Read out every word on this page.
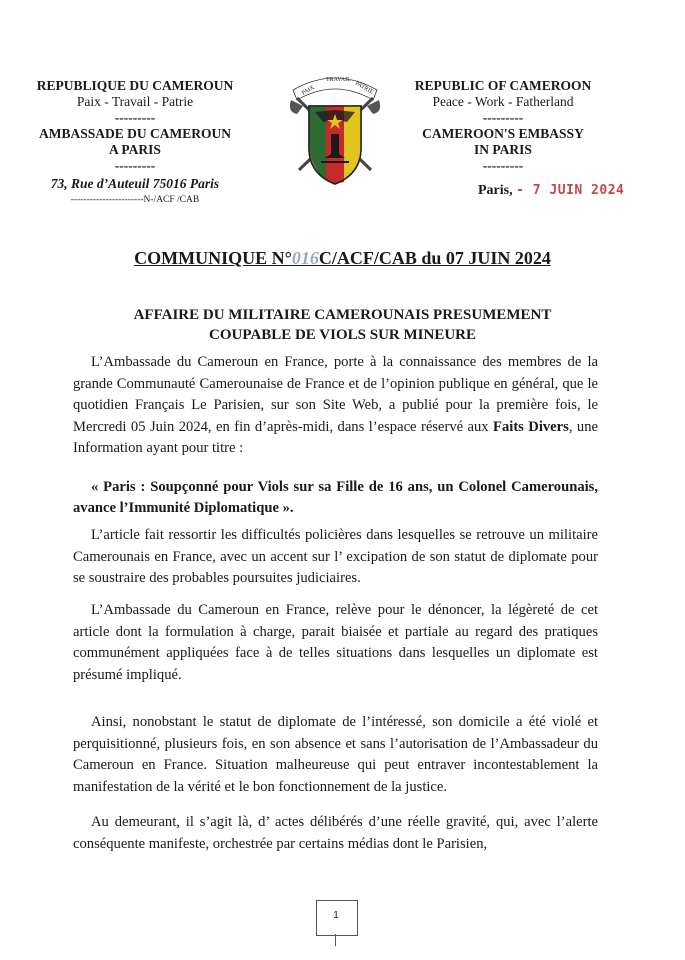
REPUBLIQUE DU CAMEROUN
Paix - Travail - Patrie
---------
AMBASSADE DU CAMEROUN
A PARIS
---------
73, Rue d’Auteuil 75016 Paris
-----------------------N-/ACF /CAB
PAIX
TRAVAIL
PATRIE	REPUBLIC OF CAMEROON
Peace - Work - Fatherland
---------
CAMEROON'S EMBASSY
IN PARIS
---------
Paris, - 7 JUIN 2024
COMMUNIQUE N°016C/ACF/CAB du 07 JUIN 2024
AFFAIRE DU MILITAIRE CAMEROUNAIS PRESUMEMENT
COUPABLE DE VIOLS SUR MINEURE
L’Ambassade du Cameroun en France, porte à la connaissance des membres de la grande Communauté Camerounaise de France et de l’opinion publique en général, que le quotidien Français Le Parisien, sur son Site Web, a publié pour la première fois, le Mercredi 05 Juin 2024, en fin d’après-midi, dans l’espace réservé aux Faits Divers, une Information ayant pour titre :
« Paris : Soupçonné pour Viols sur sa Fille de 16 ans, un Colonel Camerounais, avance l’Immunité Diplomatique ».
L’article fait ressortir les difficultés policières dans lesquelles se retrouve un militaire Camerounais en France, avec un accent sur l’ excipation de son statut de diplomate pour se soustraire des probables poursuites judiciaires.
L’Ambassade du Cameroun en France, relève pour le dénoncer, la légèreté de cet article dont la formulation à charge, parait biaisée et partiale au regard des pratiques communément appliquées face à de telles situations dans lesquelles un diplomate est présumé impliqué.
Ainsi, nonobstant le statut de diplomate de l’intéressé, son domicile a été violé et perquisitionné, plusieurs fois, en son absence et sans l’autorisation de l’Ambassadeur du Cameroun en France. Situation malheureuse qui peut entraver incontestablement la manifestation de la vérité et le bon fonctionnement de la justice.
Au demeurant, il s’agit là, d’ actes délibérés d’une réelle gravité, qui, avec l’alerte conséquente manifeste, orchestrée par certains médias dont le Parisien,
1
